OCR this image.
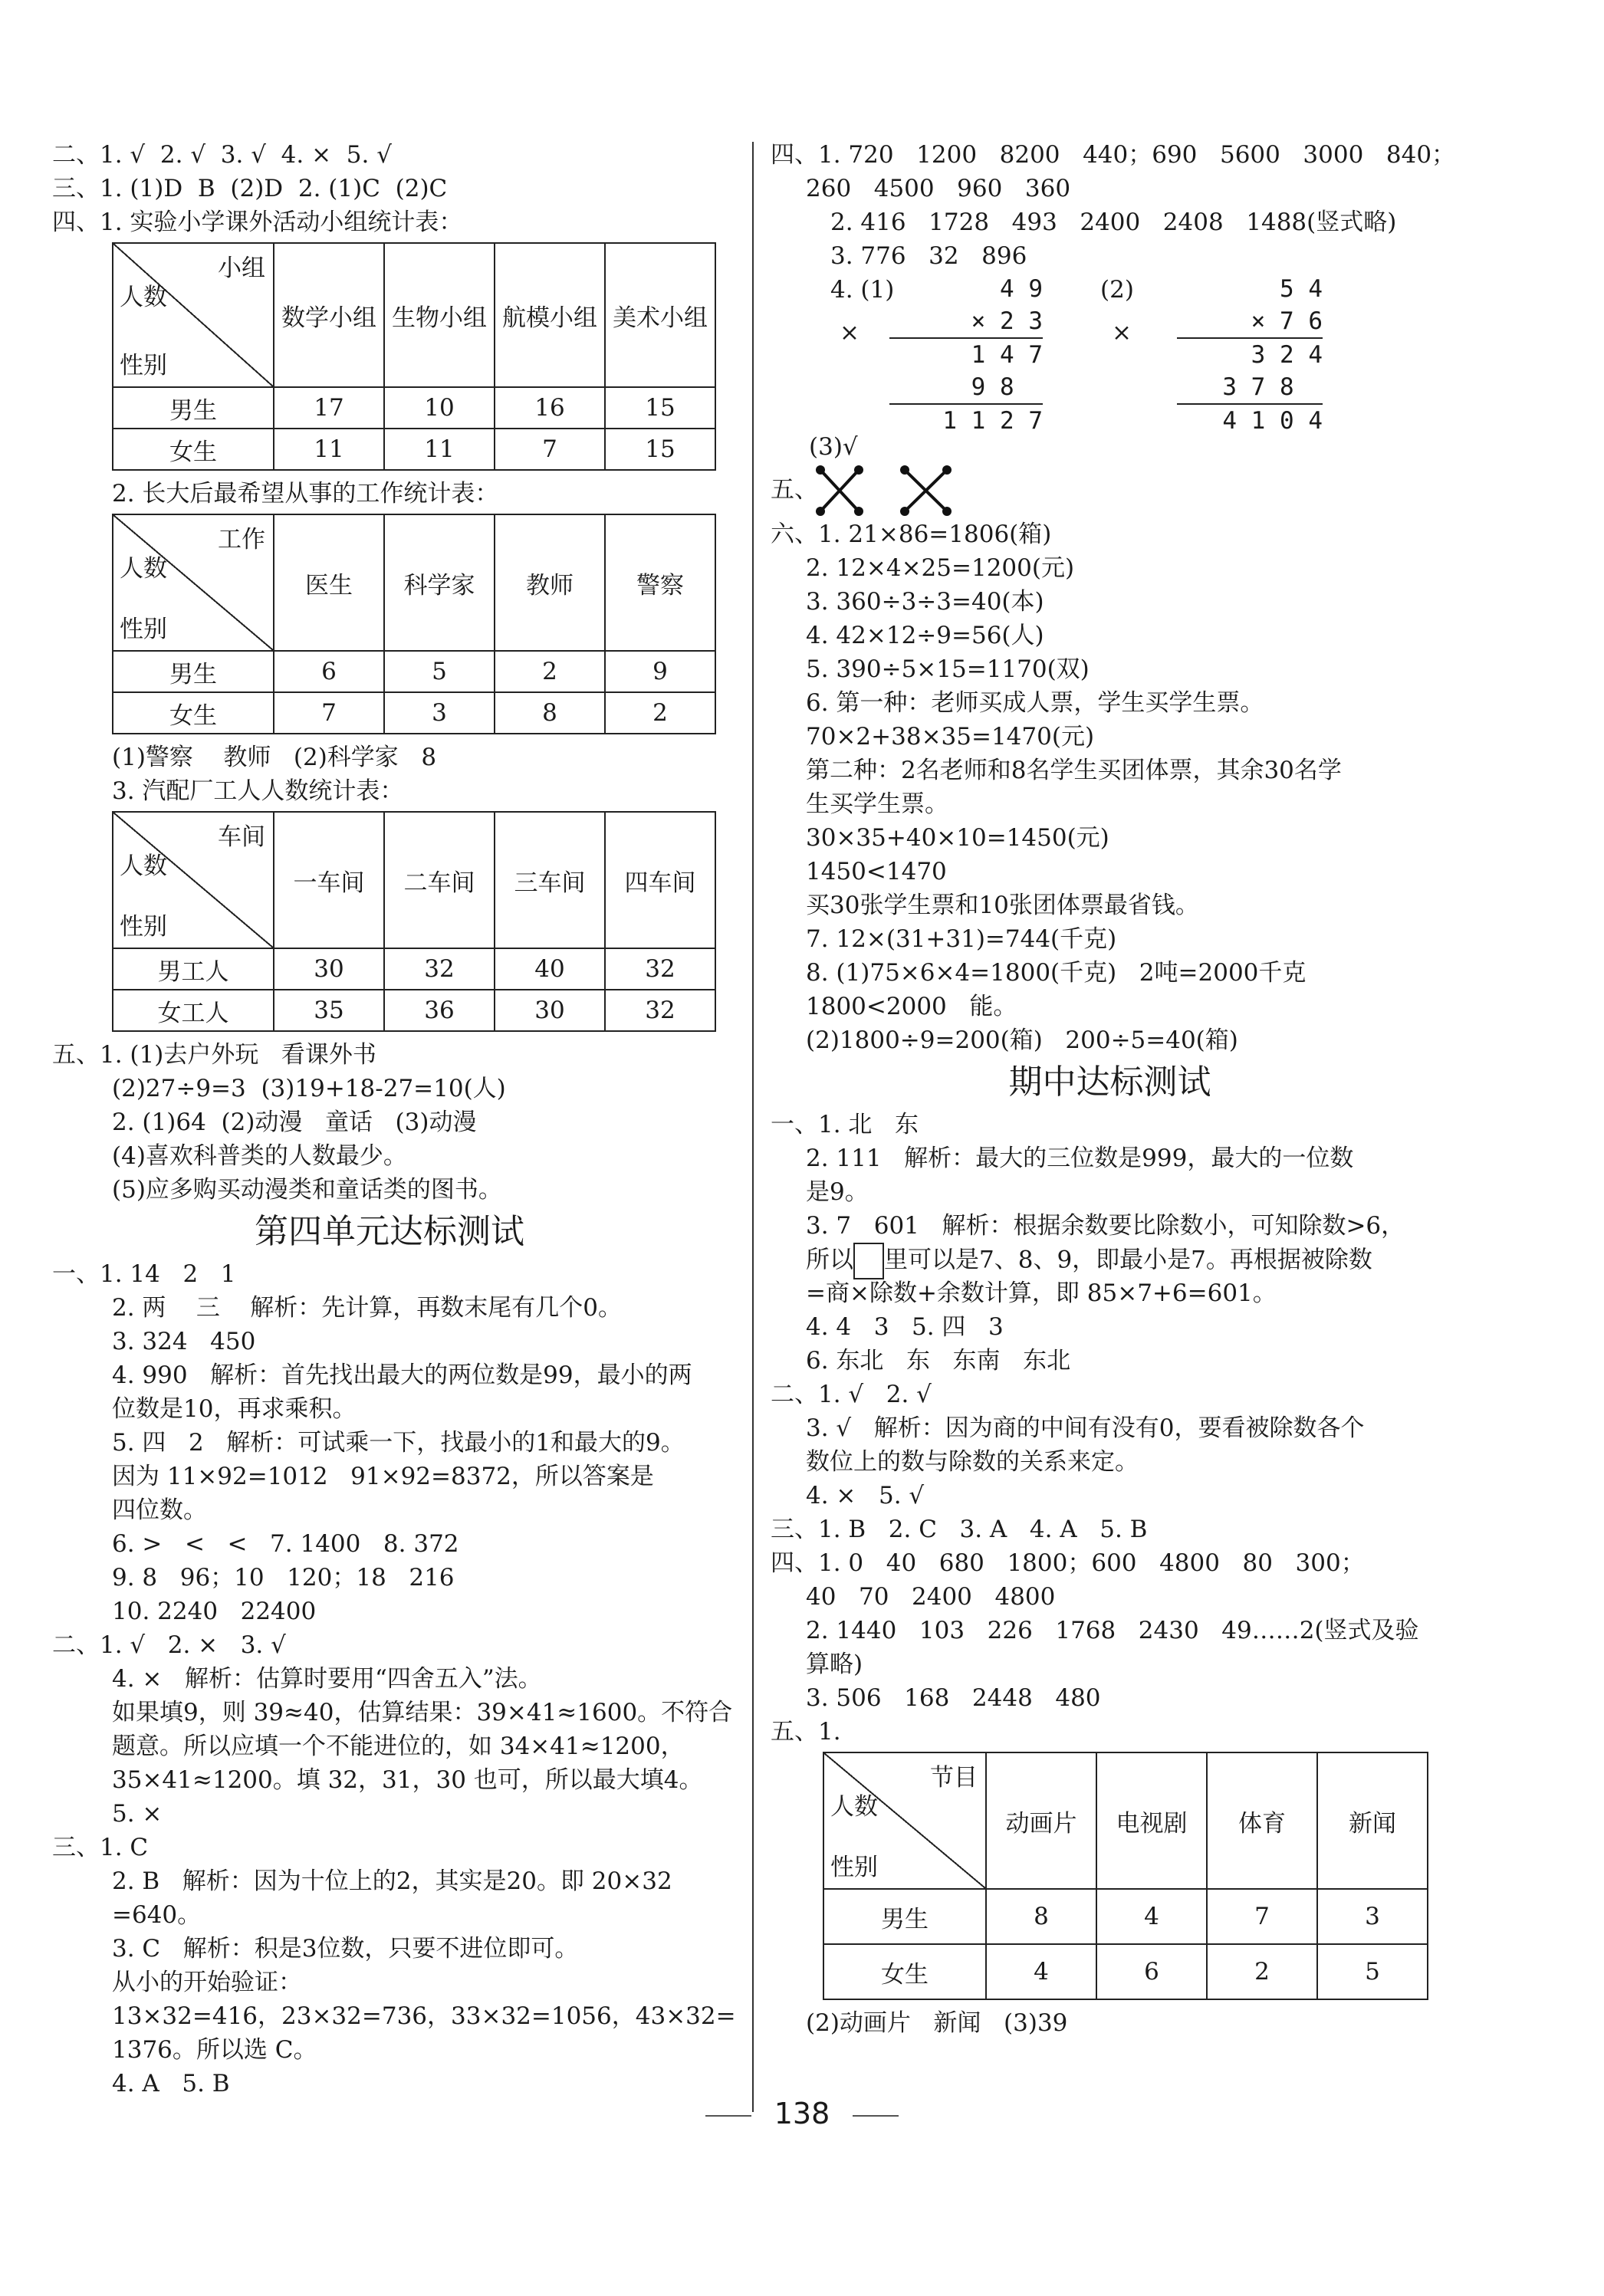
二、1. √  2. √  3. √  4. ×  5. √
三、1. (1)D  B  (2)D  2. (1)C  (2)C
四、1. 实验小学课外活动小组统计表：
小组
人数
性别	数学小组	生物小组	航模小组	美术小组
男生	17	10	16	15
女生	11	11	7	15
2. 长大后最希望从事的工作统计表：
工作
人数
性别	医生	科学家	教师	警察
男生	6	5	2	9
女生	7	3	8	2
(1)警察    教师   (2)科学家   8
3. 汽配厂工人人数统计表：
车间
人数
性别	一车间	二车间	三车间	四车间
男工人	30	32	40	32
女工人	35	36	30	32
五、1. (1)去户外玩   看课外书
(2)27÷9=3  (3)19+18-27=10(人)
2. (1)64  (2)动漫   童话   (3)动漫
(4)喜欢科普类的人数最少。
(5)应多购买动漫类和童话类的图书。
第四单元达标测试
一、1. 14   2   1
2. 两    三    解析：先计算，再数末尾有几个0。
3. 324   450
4. 990   解析：首先找出最大的两位数是99，最小的两
位数是10，再求乘积。
5. 四   2   解析：可试乘一下，找最小的1和最大的9。
因为 11×92=1012   91×92=8372，所以答案是
四位数。
6. >   <   <   7. 1400   8. 372
9. 8   96；10   120；18   216
10. 2240   22400
二、1. √   2. ×   3. √
4. ×   解析：估算时要用“四舍五入”法。
如果填9，则 39≈40，估算结果：39×41≈1600。不符合
题意。所以应填一个不能进位的，如 34×41≈1200，
35×41≈1200。填 32，31，30 也可，所以最大填4。
5. ×
三、1. C
2. B   解析：因为十位上的2，其实是20。即 20×32
=640。
3. C   解析：积是3位数，只要不进位即可。
从小的开始验证：
13×32=416，23×32=736，33×32=1056，43×32=
1376。所以选 C。
4. A   5. B
四、1. 720   1200   8200   440；690   5600   3000   840；
260   4500   960   360
2. 416   1728   493   2400   2408   1488(竖式略)
3. 776   32   896
4. (1)
×
4 9
× 2 3
1 4 7
9 8
1 1 2 7
(2)
×
5 4
× 7 6
3 2 4
3 7 8
4 1 0 4
(3)√
五、
六、1. 21×86=1806(箱)
2. 12×4×25=1200(元)
3. 360÷3÷3=40(本)
4. 42×12÷9=56(人)
5. 390÷5×15=1170(双)
6. 第一种：老师买成人票，学生买学生票。
70×2+38×35=1470(元)
第二种：2名老师和8名学生买团体票，其余30名学
生买学生票。
30×35+40×10=1450(元)
1450<1470
买30张学生票和10张团体票最省钱。
7. 12×(31+31)=744(千克)
8. (1)75×6×4=1800(千克)   2吨=2000千克
1800<2000   能。
(2)1800÷9=200(箱)   200÷5=40(箱)
期中达标测试
一、1. 北   东
2. 111   解析：最大的三位数是999，最大的一位数
是9。
3. 7   601   解析：根据余数要比除数小，可知除数>6，
所以 里可以是7、8、9，即最小是7。再根据被除数
=商×除数+余数计算，即 85×7+6=601。
4. 4   3   5. 四   3
6. 东北   东   东南   东北
二、1. √   2. √
3. √   解析：因为商的中间有没有0，要看被除数各个
数位上的数与除数的关系来定。
4. ×   5. √
三、1. B   2. C   3. A   4. A   5. B
四、1. 0   40   680   1800；600   4800   80   300；
40   70   2400   4800
2. 1440   103   226   1768   2430   49……2(竖式及验
算略)
3. 506   168   2448   480
五、1.
节目
人数
性别	动画片	电视剧	体育	新闻
男生	8	4	7	3
女生	4	6	2	5
(2)动画片   新闻   (3)39
138
